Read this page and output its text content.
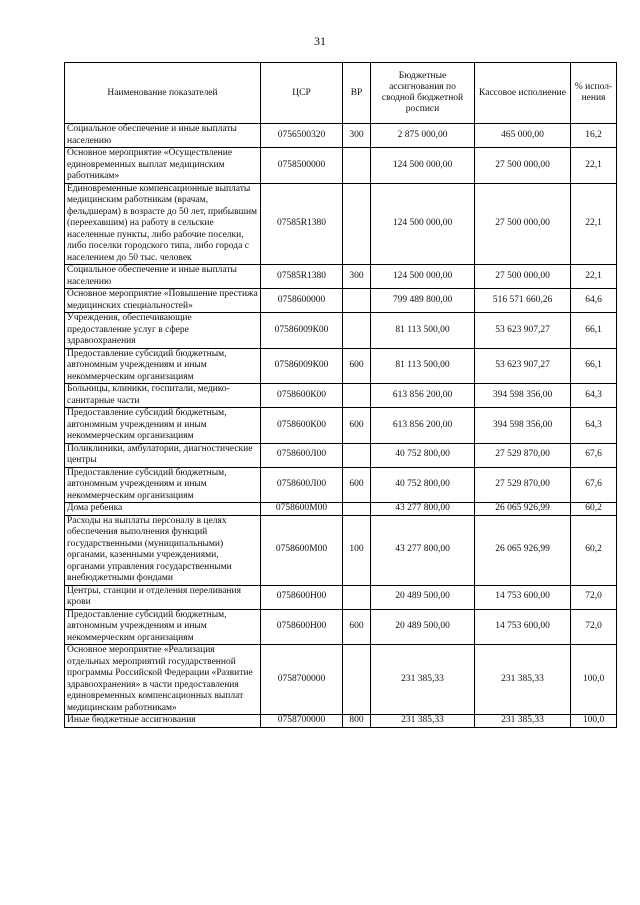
31
Наименование показателей	ЦСР	ВР	Бюджетные ассигнования по сводной бюджетной росписи	Кассовое исполнение	% испол-нения
Социальное обеспечение и иные выплаты населению	0756500320	300	2 875 000,00	465 000,00	16,2
Основное мероприятие «Осуществление единовременных выплат медицинским работникам»	0758500000		124 500 000,00	27 500 000,00	22,1
Единовременные компенсационные выплаты медицинским работникам (врачам, фельдшерам) в возрасте до 50 лет, прибывшим (переехавшим) на работу в сельские населенные пункты, либо рабочие поселки, либо поселки городского типа, либо города с населением до 50 тыс. человек	07585R1380		124 500 000,00	27 500 000,00	22,1
Социальное обеспечение и иные выплаты населению	07585R1380	300	124 500 000,00	27 500 000,00	22,1
Основное мероприятие «Повышение престижа медицинских специальностей»	0758600000		799 489 800,00	516 571 660,26	64,6
Учреждения, обеспечивающие предоставление услуг в сфере здравоохранения	07586009К00		81 113 500,00	53 623 907,27	66,1
Предоставление субсидий бюджетным, автономным учреждениям и иным некоммерческим организациям	07586009К00	600	81 113 500,00	53 623 907,27	66,1
Больницы, клиники, госпитали, медико-санитарные части	0758600К00		613 856 200,00	394 598 356,00	64,3
Предоставление субсидий бюджетным, автономным учреждениям и иным некоммерческим организациям	0758600К00	600	613 856 200,00	394 598 356,00	64,3
Поликлиники, амбулатории, диагностические центры	0758600Л00		40 752 800,00	27 529 870,00	67,6
Предоставление субсидий бюджетным, автономным учреждениям и иным некоммерческим организациям	0758600Л00	600	40 752 800,00	27 529 870,00	67,6
Дома ребенка	0758600М00		43 277 800,00	26 065 926,99	60,2
Расходы на выплаты персоналу в целях обеспечения выполнения функций государственными (муниципальными) органами, казенными учреждениями, органами управления государственными внебюджетными фондами	0758600М00	100	43 277 800,00	26 065 926,99	60,2
Центры, станции и отделения переливания крови	0758600Н00		20 489 500,00	14 753 600,00	72,0
Предоставление субсидий бюджетным, автономным учреждениям и иным некоммерческим организациям	0758600Н00	600	20 489 500,00	14 753 600,00	72,0
Основное мероприятие «Реализация отдельных мероприятий государственной программы Российской Федерации «Развитие здравоохранения» в части предоставления единовременных компенсационных выплат медицинским работникам»	0758700000		231 385,33	231 385,33	100,0
Иные бюджетные ассигнования	0758700000	800	231 385,33	231 385,33	100,0
